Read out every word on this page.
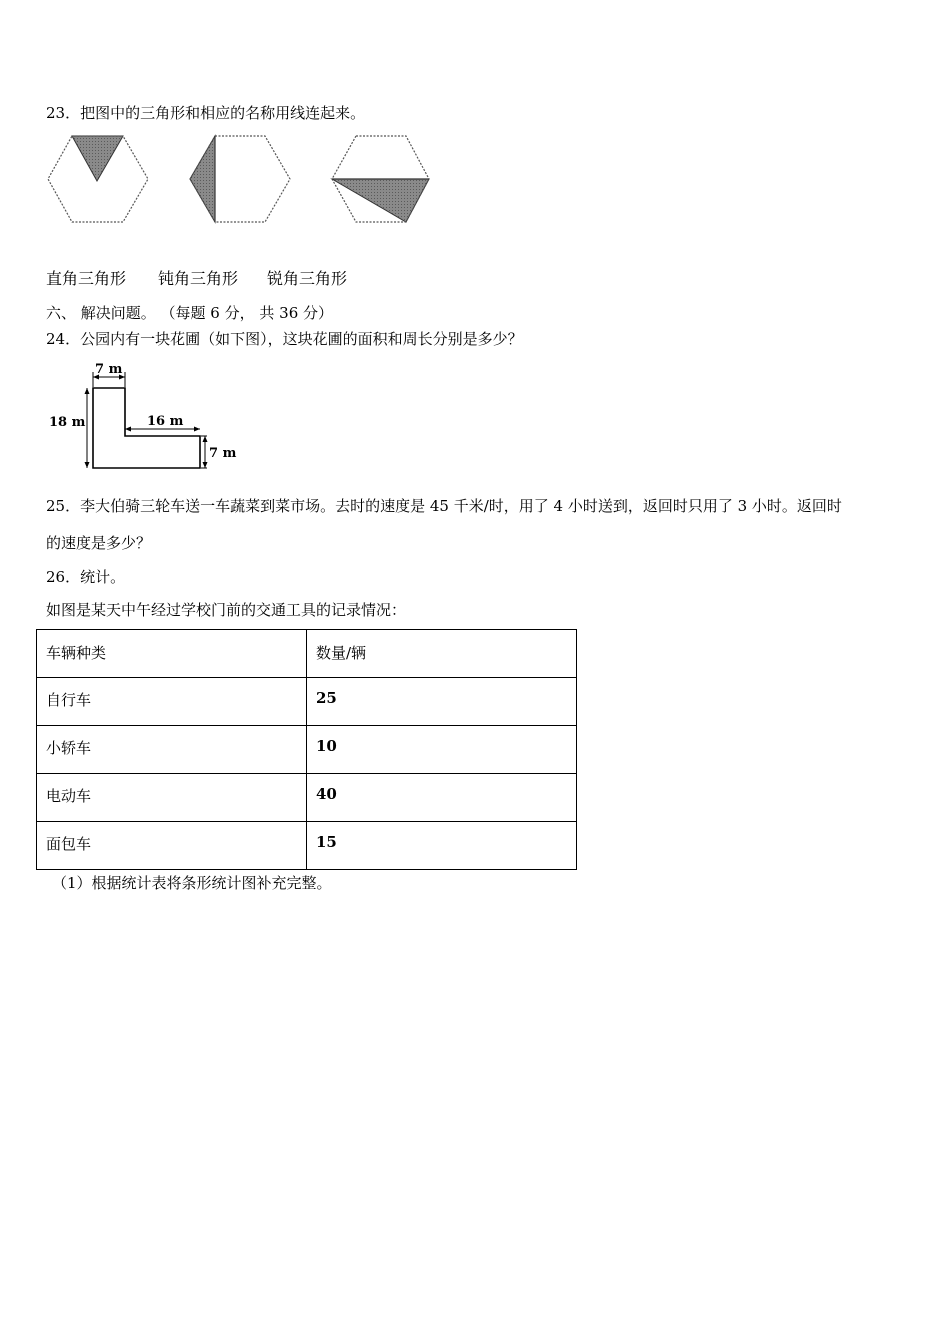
23．把图中的三角形和相应的名称用线连起来。
直角三角形 钝角三角形 锐角三角形
六、 解决问题。 （每题 6 分， 共 36 分）
24．公园内有一块花圃（如下图），这块花圃的面积和周长分别是多少？
7 m
18 m	16 m
7 m
25．李大伯骑三轮车送一车蔬菜到菜市场。去时的速度是 45 千米/时，用了 4 小时送到，返回时只用了 3 小时。返回时
的速度是多少？
26．统计。
如图是某天中午经过学校门前的交通工具的记录情况：
车辆种类	数量/辆
自行车	25
小轿车	10
电动车	40
面包车	15
（1）根据统计表将条形统计图补充完整。
